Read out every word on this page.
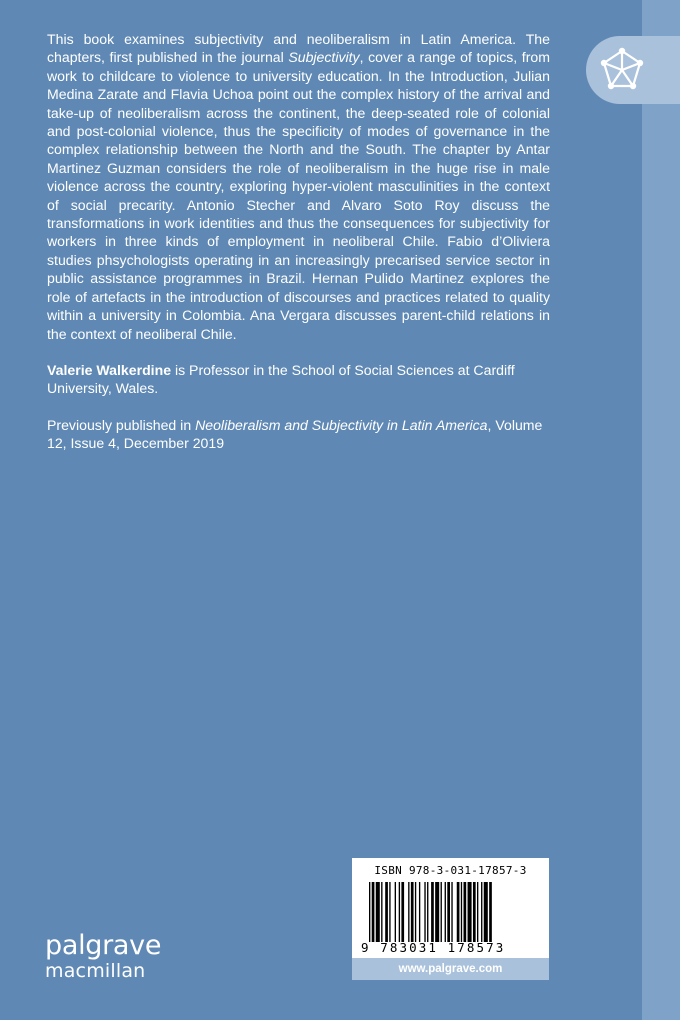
This book examines subjectivity and neoliberalism in Latin America. The chapters, first published in the journal Subjectivity, cover a range of topics, from work to childcare to violence to university education. In the Introduction, Julian Medina Zarate and Flavia Uchoa point out the complex history of the arrival and take-up of neoliberalism across the continent, the deep-seated role of colonial and post-colonial violence, thus the specificity of modes of governance in the complex relationship between the North and the South. The chapter by Antar Martinez Guzman considers the role of neoliberalism in the huge rise in male violence across the country, exploring hyper-violent masculinities in the context of social precarity. Antonio Stecher and Alvaro Soto Roy discuss the transformations in work identities and thus the consequences for subjectivity for workers in three kinds of employment in neoliberal Chile. Fabio d’Oliviera studies phsychologists operating in an increasingly precarised service sector in public assistance programmes in Brazil. Hernan Pulido Martinez explores the role of artefacts in the introduction of discourses and practices related to quality within a university in Colombia. Ana Vergara discusses parent-child relations in the context of neoliberal Chile.

Valerie Walkerdine is Professor in the School of Social Sciences at Cardiff University, Wales.

Previously published in Neoliberalism and Subjectivity in Latin America, Volume 12, Issue 4, December 2019

ISBN 978-3-031-17857-3
9 783031 178573
www.palgrave.com
palgrave
macmillan
